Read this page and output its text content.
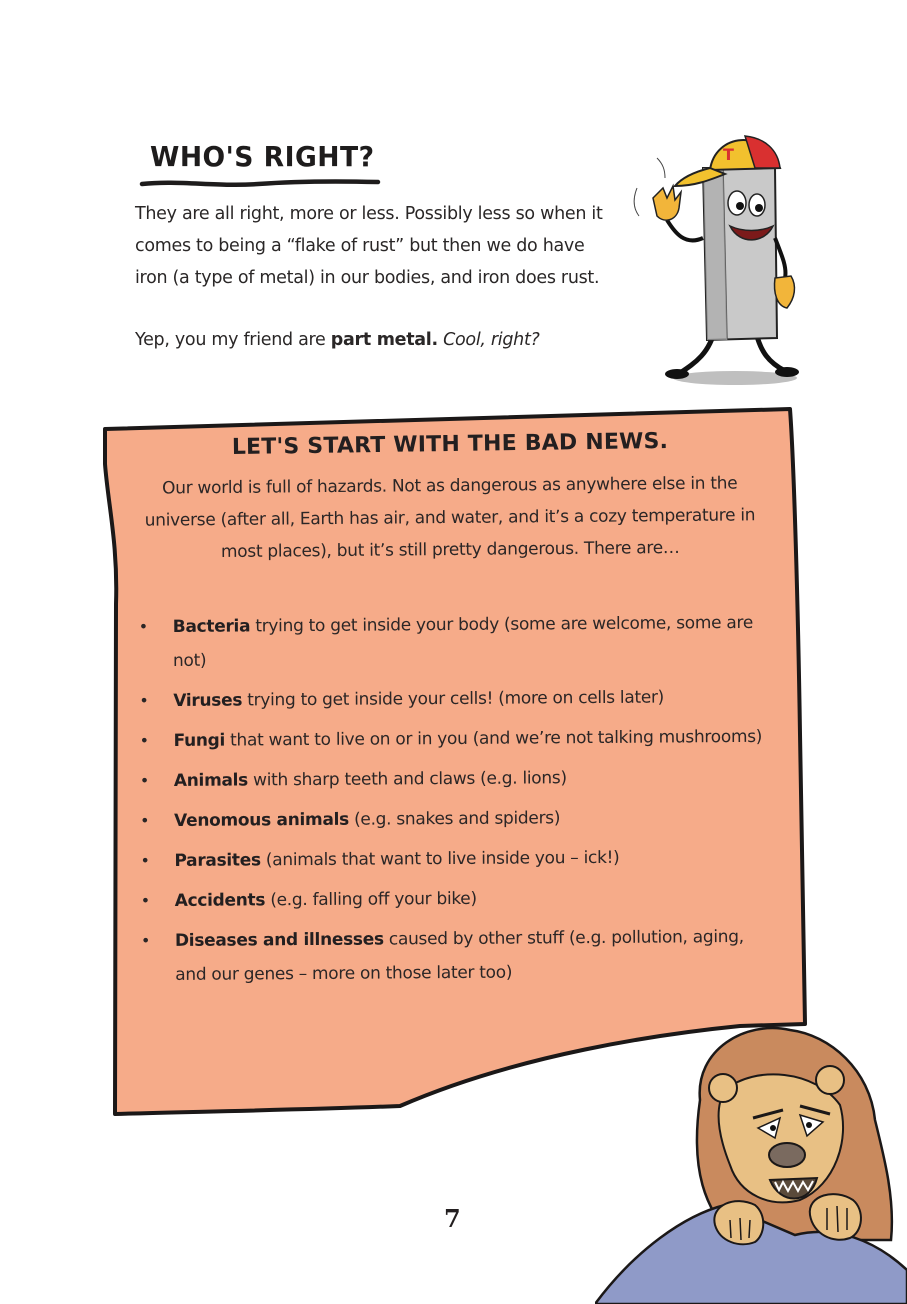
WHO'S RIGHT?

They are all right, more or less. Possibly less so when it comes to being a “flake of rust” but then we do have iron (a type of metal) in our bodies, and iron does rust.

Yep, you my friend are part metal. Cool, right?

T
LET'S START WITH THE BAD NEWS.
Our world is full of hazards. Not as dangerous as anywhere else in the universe (after all, Earth has air, and water, and it’s a cozy temperature in most places), but it’s still pretty dangerous. There are…
• Bacteria trying to get inside your body (some are welcome, some are not)
• Viruses trying to get inside your cells! (more on cells later)
• Fungi that want to live on or in you (and we’re not talking mushrooms)
• Animals with sharp teeth and claws (e.g. lions)
• Venomous animals (e.g. snakes and spiders)
• Parasites (animals that want to live inside you – ick!)
• Accidents (e.g. falling off your bike)
• Diseases and illnesses caused by other stuff (e.g. pollution, aging, and our genes – more on those later too)
7
